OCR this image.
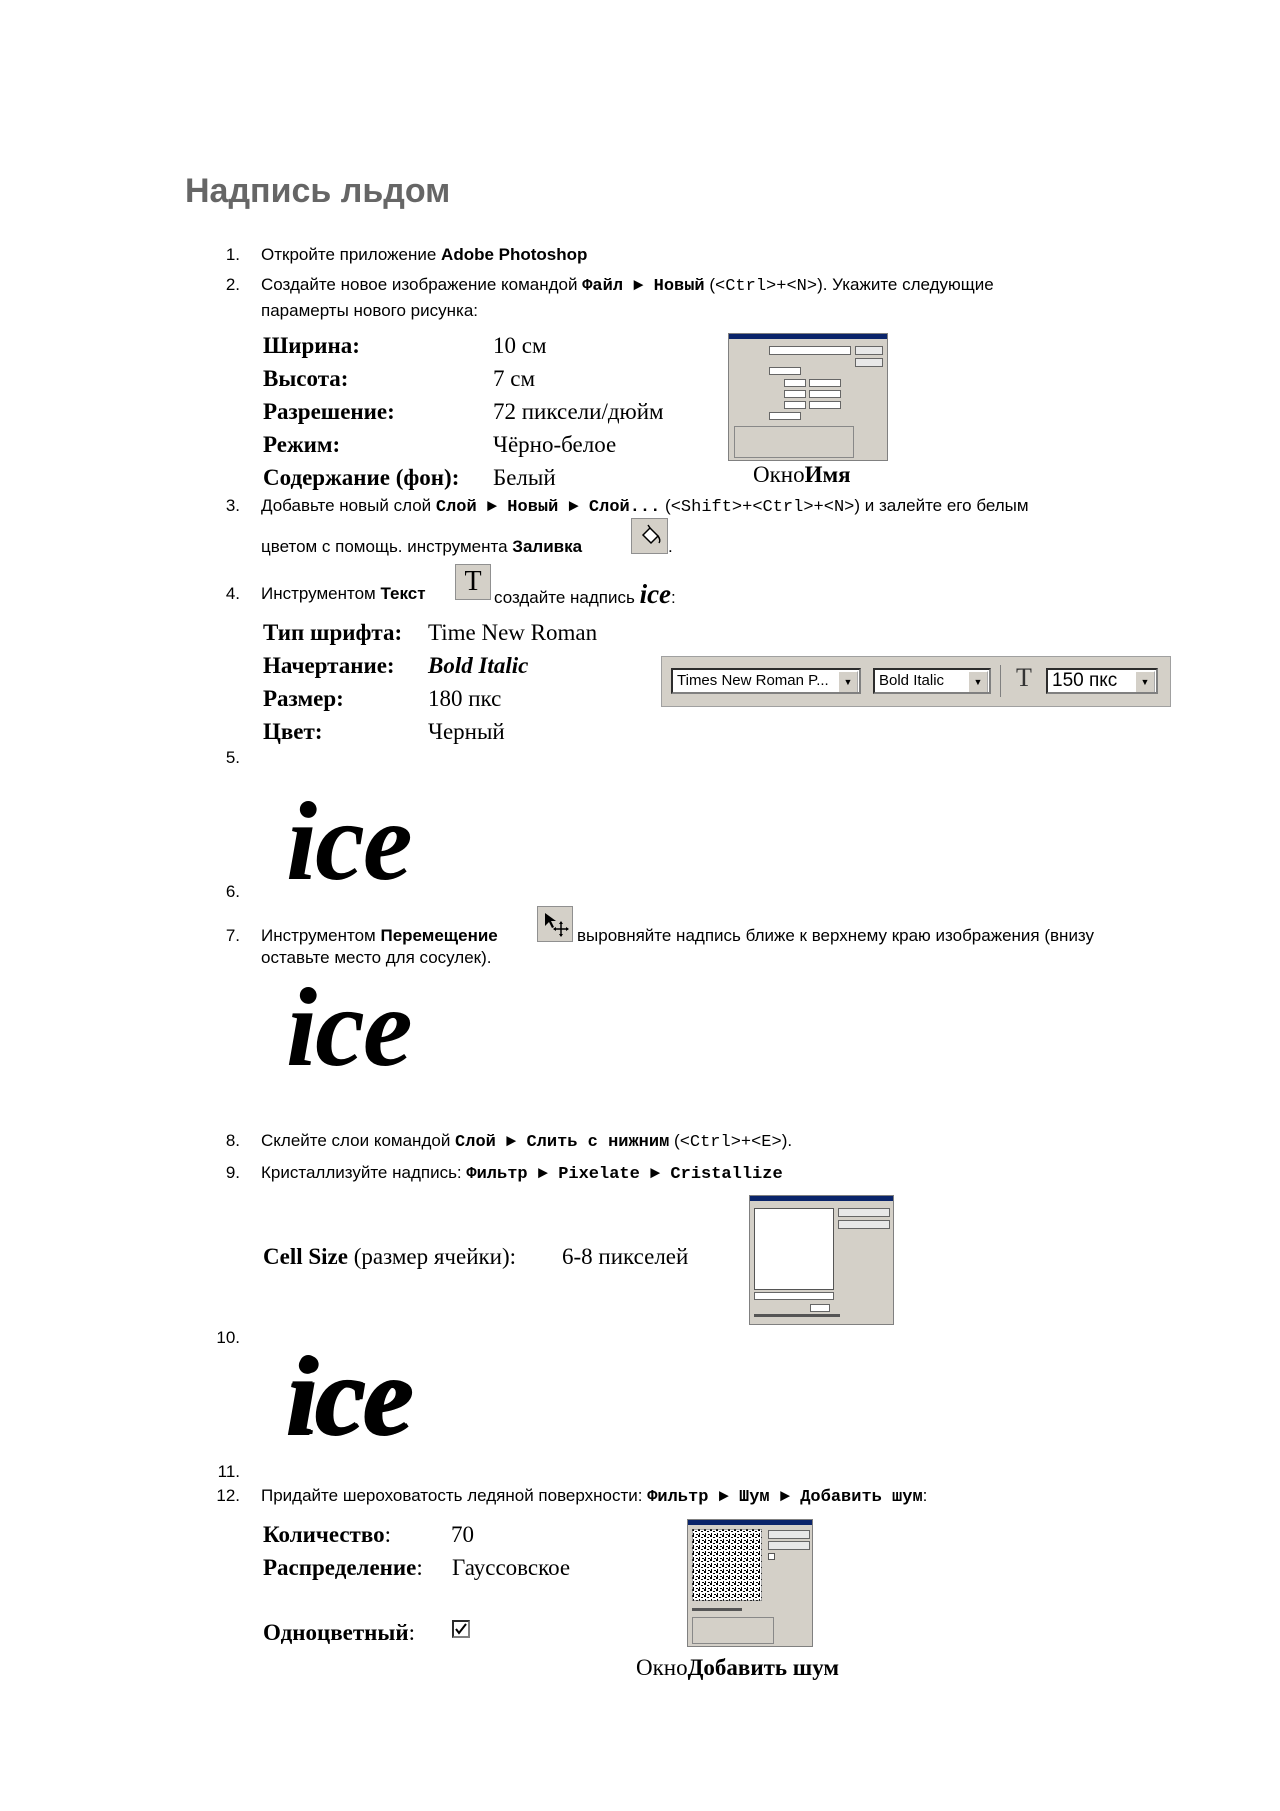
Надпись льдом
1. Откройте приложение Adobe Photoshop
2. Создайте новое изображение командой Файл ► Новый (<Ctrl>+<N>). Укажите следующие
парамерты нового рисунка:
Ширина:	10 см
Высота:	7 см
Разрешение:	72 пиксели/дюйм
Режим:	Чёрно-белое
Содержание (фон): Белый	ОкноИмя
3. Добавьте новый слой Слой ► Новый ► Слой... (<Shift>+<Ctrl>+<N>) и залейте его белым
цветом с помощь. инструмента Заливка	.
4. Инструментом Текст T
создайте надпись ice:
Тип шрифта: Time New Roman
Начертание: Bold Italic
Размер:	180 пкс
Цвет:	Черный
Times New Roman P...	▼	Bold Italic	▼ T	150 пкс	▼
5.
ice
6.
7. Инструментом Перемещение	выровняйте надпись ближе к верхнему краю изображения (внизу
оставьте место для сосулек).
ice
8. Склейте слои командой Слой ► Слить с нижним (<Ctrl>+<E>).
9. Кристаллизуйте надпись: Фильтр ► Pixelate ► Cristallize
Cell Size (размер ячейки): 6-8 пикселей
10. ice
11.
12. Придайте шероховатость ледяной поверхности: Фильтр ► Шум ► Добавить шум:
Количество:	70
Распределение: Гауссовское
Одноцветный:
ОкноДобавить шум
